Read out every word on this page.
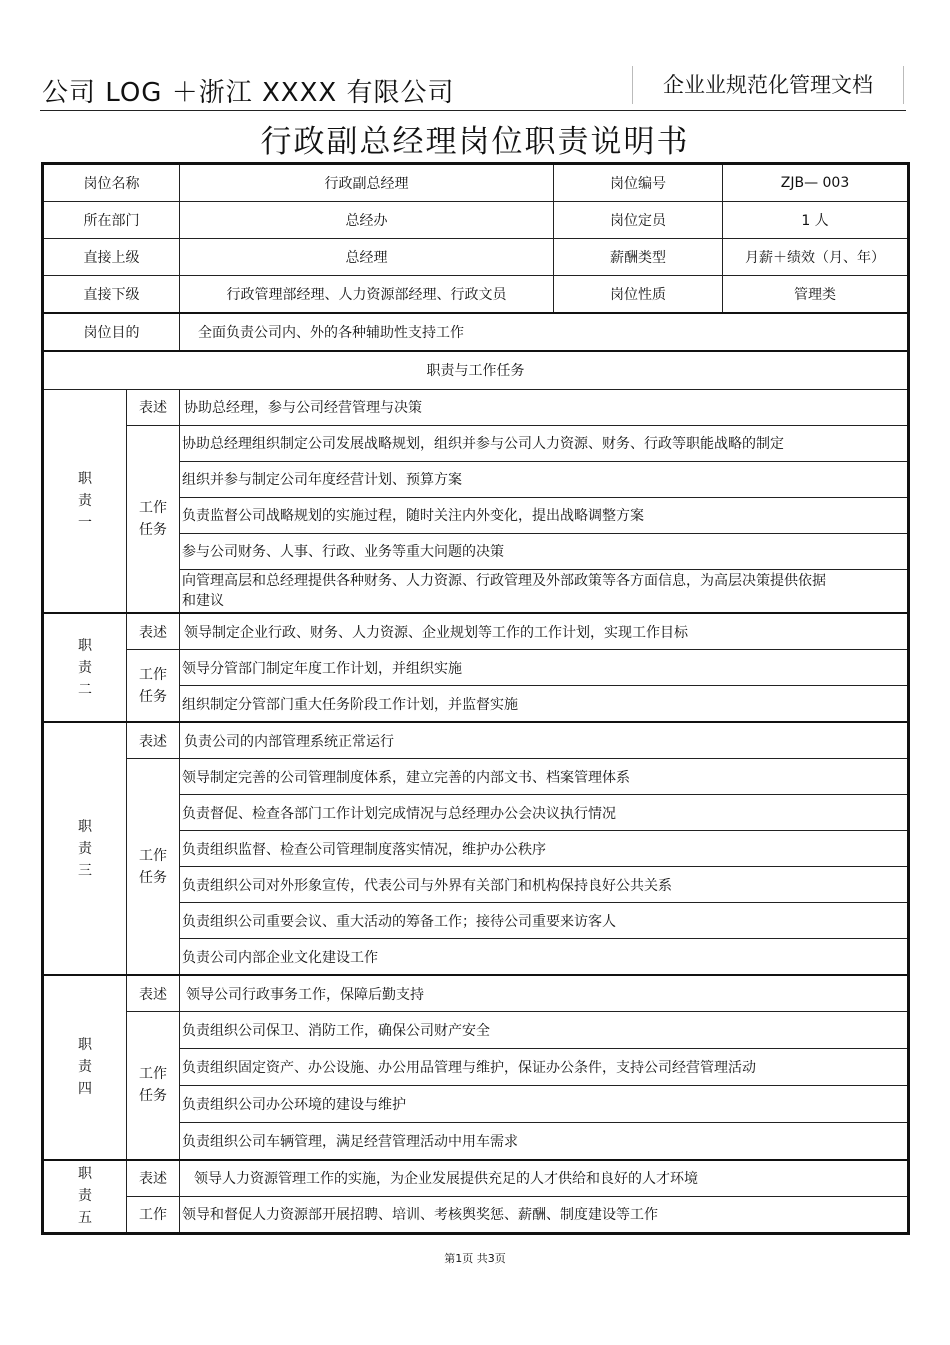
公司 LOG ＋浙江 XXXX 有限公司	企业业规范化管理文档
行政副总经理岗位职责说明书
岗位名称		行政副总经理	岗位编号	ZJB— 003
所在部门		总经办	岗位定员	1 人
直接上级		总经理	薪酬类型	月薪＋绩效（月、年）
直接下级		行政管理部经理、人力资源部经理、行政文员	岗位性质	管理类
岗位目的		全面负责公司内、外的各种辅助性支持工作		
职责与工作任务				
职责一	表述	协助总经理，参与公司经营管理与决策		
	工作任务	协助总经理组织制定公司发展战略规划，组织并参与公司人力资源、财务、行政等职能战略的制定		
		组织并参与制定公司年度经营计划、预算方案		
		负责监督公司战略规划的实施过程，随时关注内外变化，提出战略调整方案		
		参与公司财务、人事、行政、业务等重大问题的决策		
		向管理高层和总经理提供各种财务、人力资源、行政管理及外部政策等各方面信息，为高层决策提供依据和建议		
职责二	表述	领导制定企业行政、财务、人力资源、企业规划等工作的工作计划，实现工作目标		
	工作任务	领导分管部门制定年度工作计划，并组织实施		
		组织制定分管部门重大任务阶段工作计划，并监督实施		
职责三	表述	负责公司的内部管理系统正常运行		
	工作任务	领导制定完善的公司管理制度体系，建立完善的内部文书、档案管理体系		
		负责督促、检查各部门工作计划完成情况与总经理办公会决议执行情况		
		负责组织监督、检查公司管理制度落实情况，维护办公秩序		
		负责组织公司对外形象宣传，代表公司与外界有关部门和机构保持良好公共关系		
		负责组织公司重要会议、重大活动的筹备工作；接待公司重要来访客人		
		负责公司内部企业文化建设工作		
职责四	表述	领导公司行政事务工作，保障后勤支持		
	工作任务	负责组织公司保卫、消防工作，确保公司财产安全		
		负责组织固定资产、办公设施、办公用品管理与维护，保证办公条件，支持公司经营管理活动		
		负责组织公司办公环境的建设与维护		
		负责组织公司车辆管理，满足经营管理活动中用车需求		
职责五	表述	领导人力资源管理工作的实施，为企业发展提供充足的人才供给和良好的人才环境		
	工作	领导和督促人力资源部开展招聘、培训、考核舆奖惩、薪酬、制度建设等工作		
第1页 共3页
